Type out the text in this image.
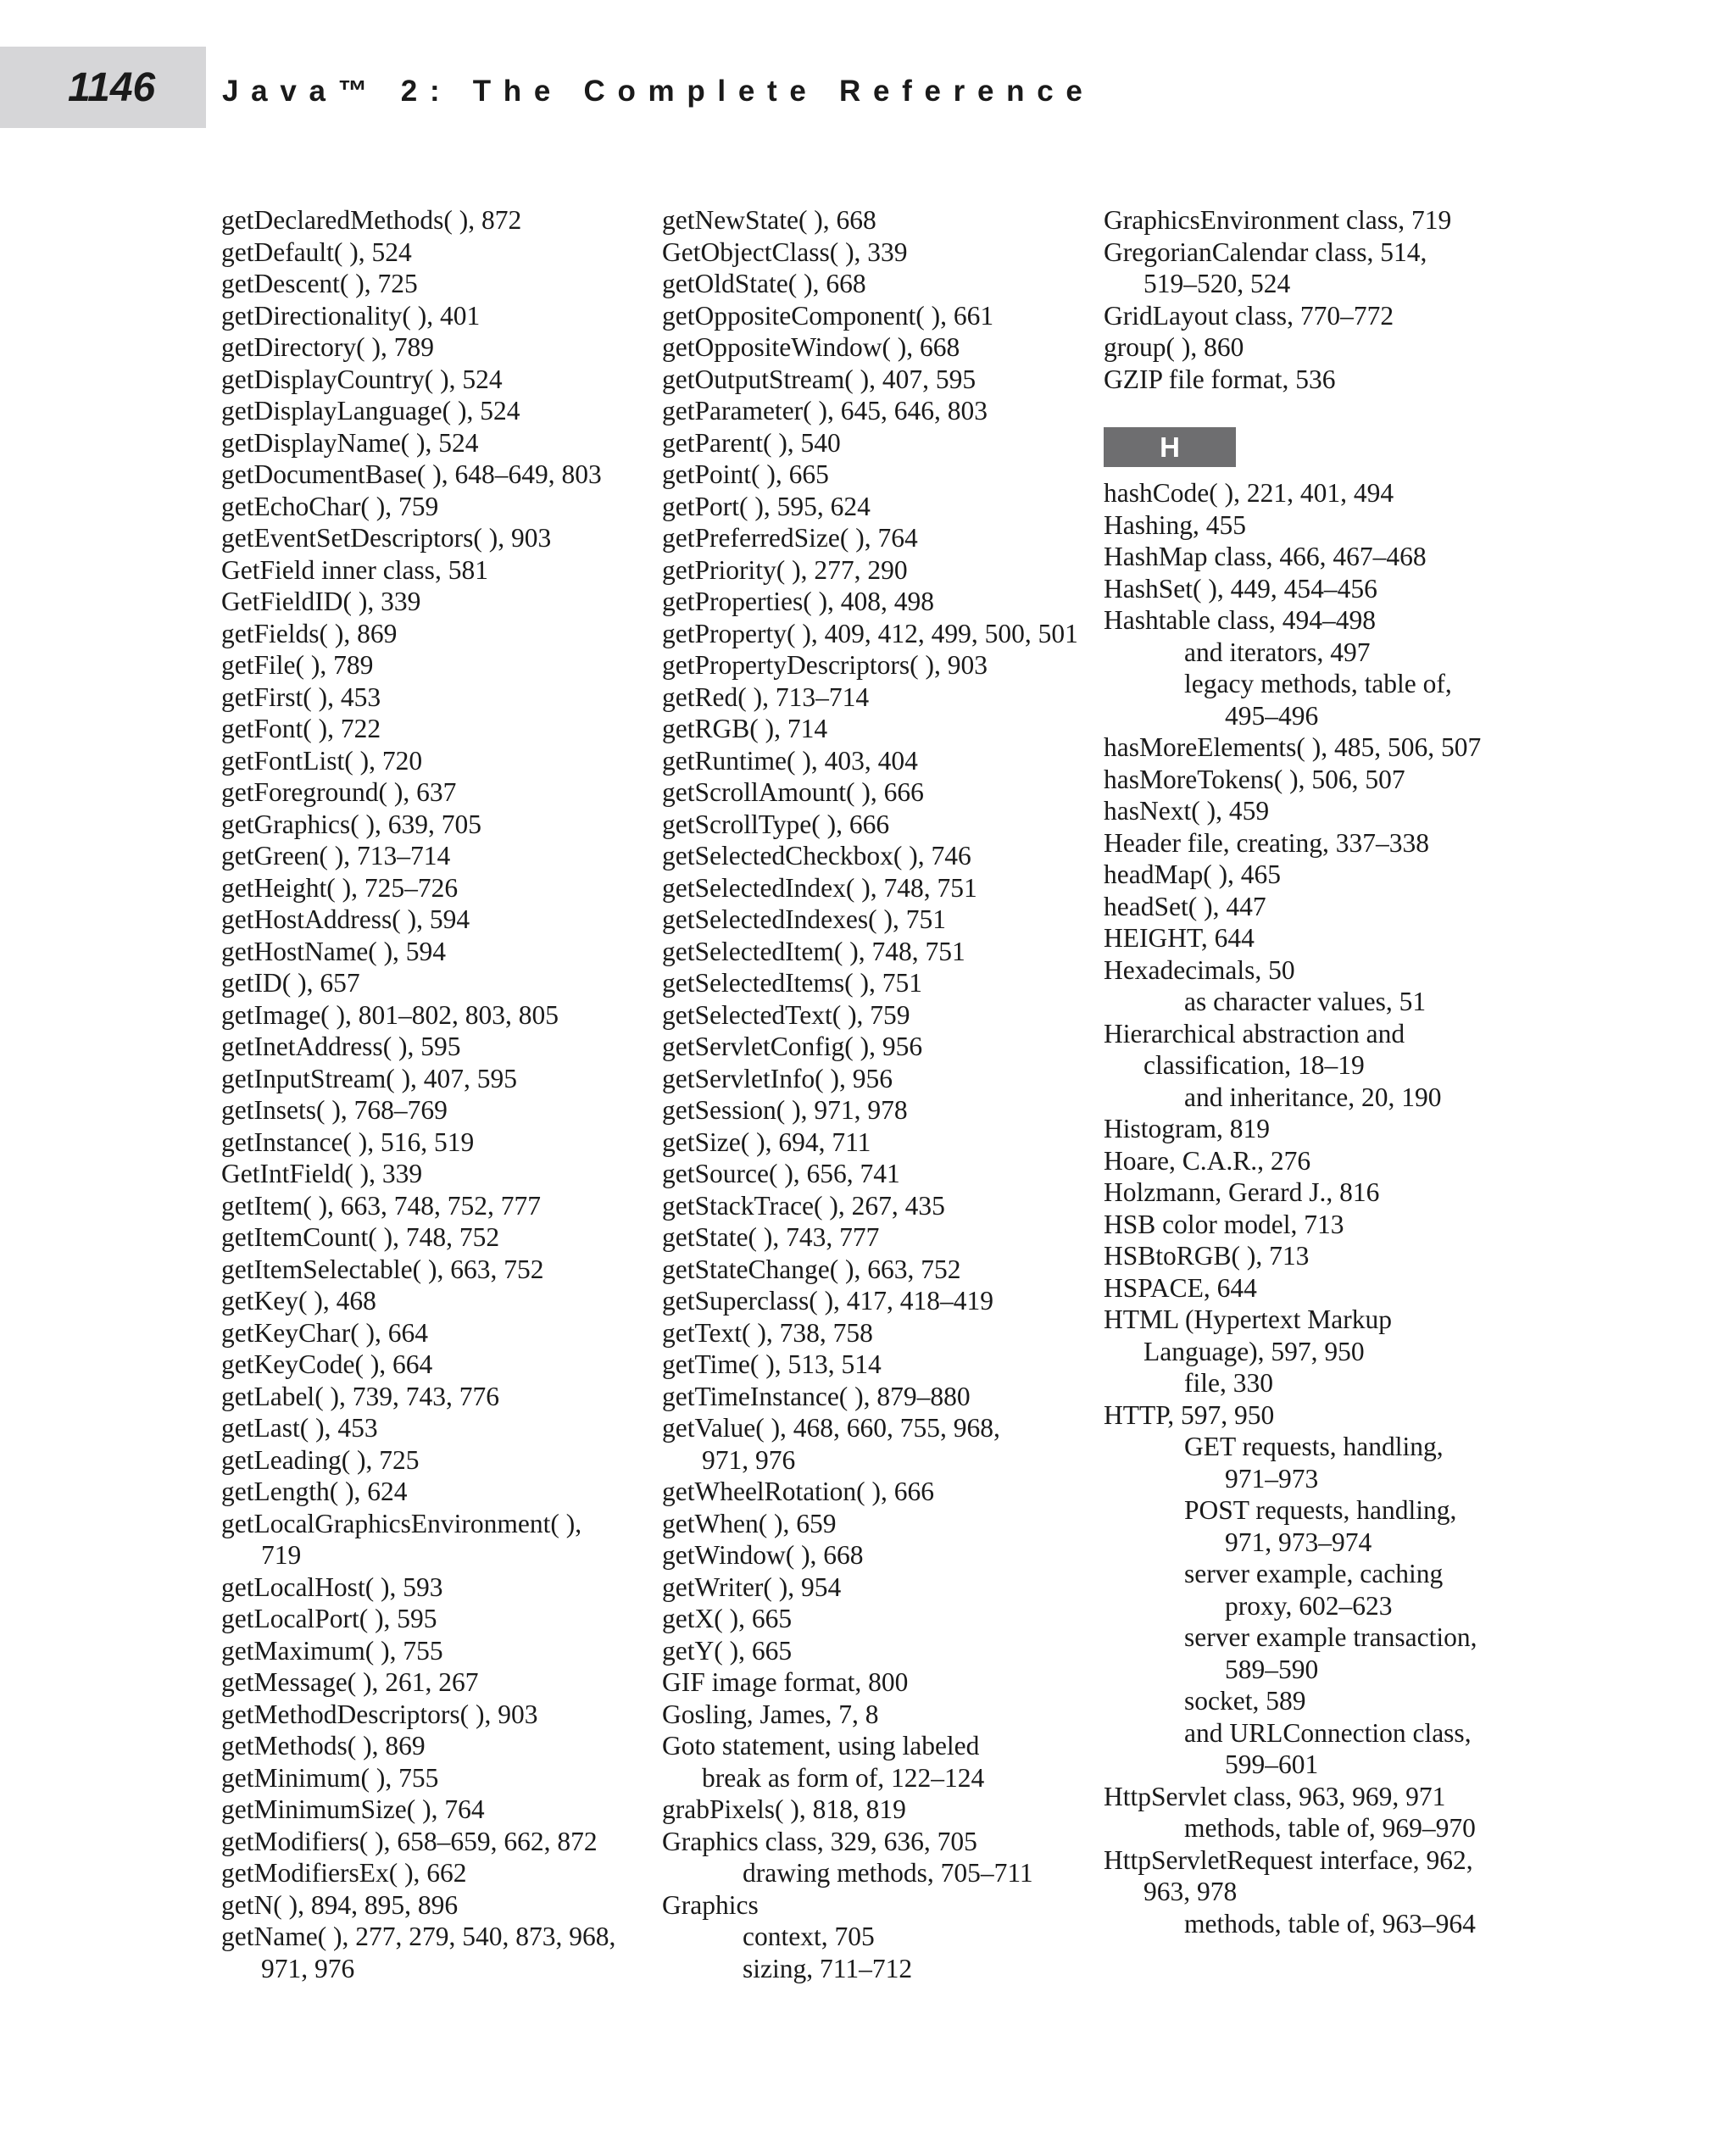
1146 Java™ 2: The Complete Reference
getDeclaredMethods( ), 872
getDefault( ), 524
getDescent( ), 725
getDirectionality( ), 401
getDirectory( ), 789
getDisplayCountry( ), 524
getDisplayLanguage( ), 524
getDisplayName( ), 524
getDocumentBase( ), 648–649, 803
getEchoChar( ), 759
getEventSetDescriptors( ), 903
GetField inner class, 581
GetFieldID( ), 339
getFields( ), 869
getFile( ), 789
getFirst( ), 453
getFont( ), 722
getFontList( ), 720
getForeground( ), 637
getGraphics( ), 639, 705
getGreen( ), 713–714
getHeight( ), 725–726
getHostAddress( ), 594
getHostName( ), 594
getID( ), 657
getImage( ), 801–802, 803, 805
getInetAddress( ), 595
getInputStream( ), 407, 595
getInsets( ), 768–769
getInstance( ), 516, 519
GetIntField( ), 339
getItem( ), 663, 748, 752, 777
getItemCount( ), 748, 752
getItemSelectable( ), 663, 752
getKey( ), 468
getKeyChar( ), 664
getKeyCode( ), 664
getLabel( ), 739, 743, 776
getLast( ), 453
getLeading( ), 725
getLength( ), 624
getLocalGraphicsEnvironment( ),
719
getLocalHost( ), 593
getLocalPort( ), 595
getMaximum( ), 755
getMessage( ), 261, 267
getMethodDescriptors( ), 903
getMethods( ), 869
getMinimum( ), 755
getMinimumSize( ), 764
getModifiers( ), 658–659, 662, 872
getModifiersEx( ), 662
getN( ), 894, 895, 896
getName( ), 277, 279, 540, 873, 968,
971, 976
getNewState( ), 668
GetObjectClass( ), 339
getOldState( ), 668
getOppositeComponent( ), 661
getOppositeWindow( ), 668
getOutputStream( ), 407, 595
getParameter( ), 645, 646, 803
getParent( ), 540
getPoint( ), 665
getPort( ), 595, 624
getPreferredSize( ), 764
getPriority( ), 277, 290
getProperties( ), 408, 498
getProperty( ), 409, 412, 499, 500, 501
getPropertyDescriptors( ), 903
getRed( ), 713–714
getRGB( ), 714
getRuntime( ), 403, 404
getScrollAmount( ), 666
getScrollType( ), 666
getSelectedCheckbox( ), 746
getSelectedIndex( ), 748, 751
getSelectedIndexes( ), 751
getSelectedItem( ), 748, 751
getSelectedItems( ), 751
getSelectedText( ), 759
getServletConfig( ), 956
getServletInfo( ), 956
getSession( ), 971, 978
getSize( ), 694, 711
getSource( ), 656, 741
getStackTrace( ), 267, 435
getState( ), 743, 777
getStateChange( ), 663, 752
getSuperclass( ), 417, 418–419
getText( ), 738, 758
getTime( ), 513, 514
getTimeInstance( ), 879–880
getValue( ), 468, 660, 755, 968,
971, 976
getWheelRotation( ), 666
getWhen( ), 659
getWindow( ), 668
getWriter( ), 954
getX( ), 665
getY( ), 665
GIF image format, 800
Gosling, James, 7, 8
Goto statement, using labeled
break as form of, 122–124
grabPixels( ), 818, 819
Graphics class, 329, 636, 705
drawing methods, 705–711
Graphics
context, 705
sizing, 711–712
GraphicsEnvironment class, 719
GregorianCalendar class, 514,
519–520, 524
GridLayout class, 770–772
group( ), 860
GZIP file format, 536
H
hashCode( ), 221, 401, 494
Hashing, 455
HashMap class, 466, 467–468
HashSet( ), 449, 454–456
Hashtable class, 494–498
and iterators, 497
legacy methods, table of,
495–496
hasMoreElements( ), 485, 506, 507
hasMoreTokens( ), 506, 507
hasNext( ), 459
Header file, creating, 337–338
headMap( ), 465
headSet( ), 447
HEIGHT, 644
Hexadecimals, 50
as character values, 51
Hierarchical abstraction and
classification, 18–19
and inheritance, 20, 190
Histogram, 819
Hoare, C.A.R., 276
Holzmann, Gerard J., 816
HSB color model, 713
HSBtoRGB( ), 713
HSPACE, 644
HTML (Hypertext Markup
Language), 597, 950
file, 330
HTTP, 597, 950
GET requests, handling,
971–973
POST requests, handling,
971, 973–974
server example, caching
proxy, 602–623
server example transaction,
589–590
socket, 589
and URLConnection class,
599–601
HttpServlet class, 963, 969, 971
methods, table of, 969–970
HttpServletRequest interface, 962,
963, 978
methods, table of, 963–964
